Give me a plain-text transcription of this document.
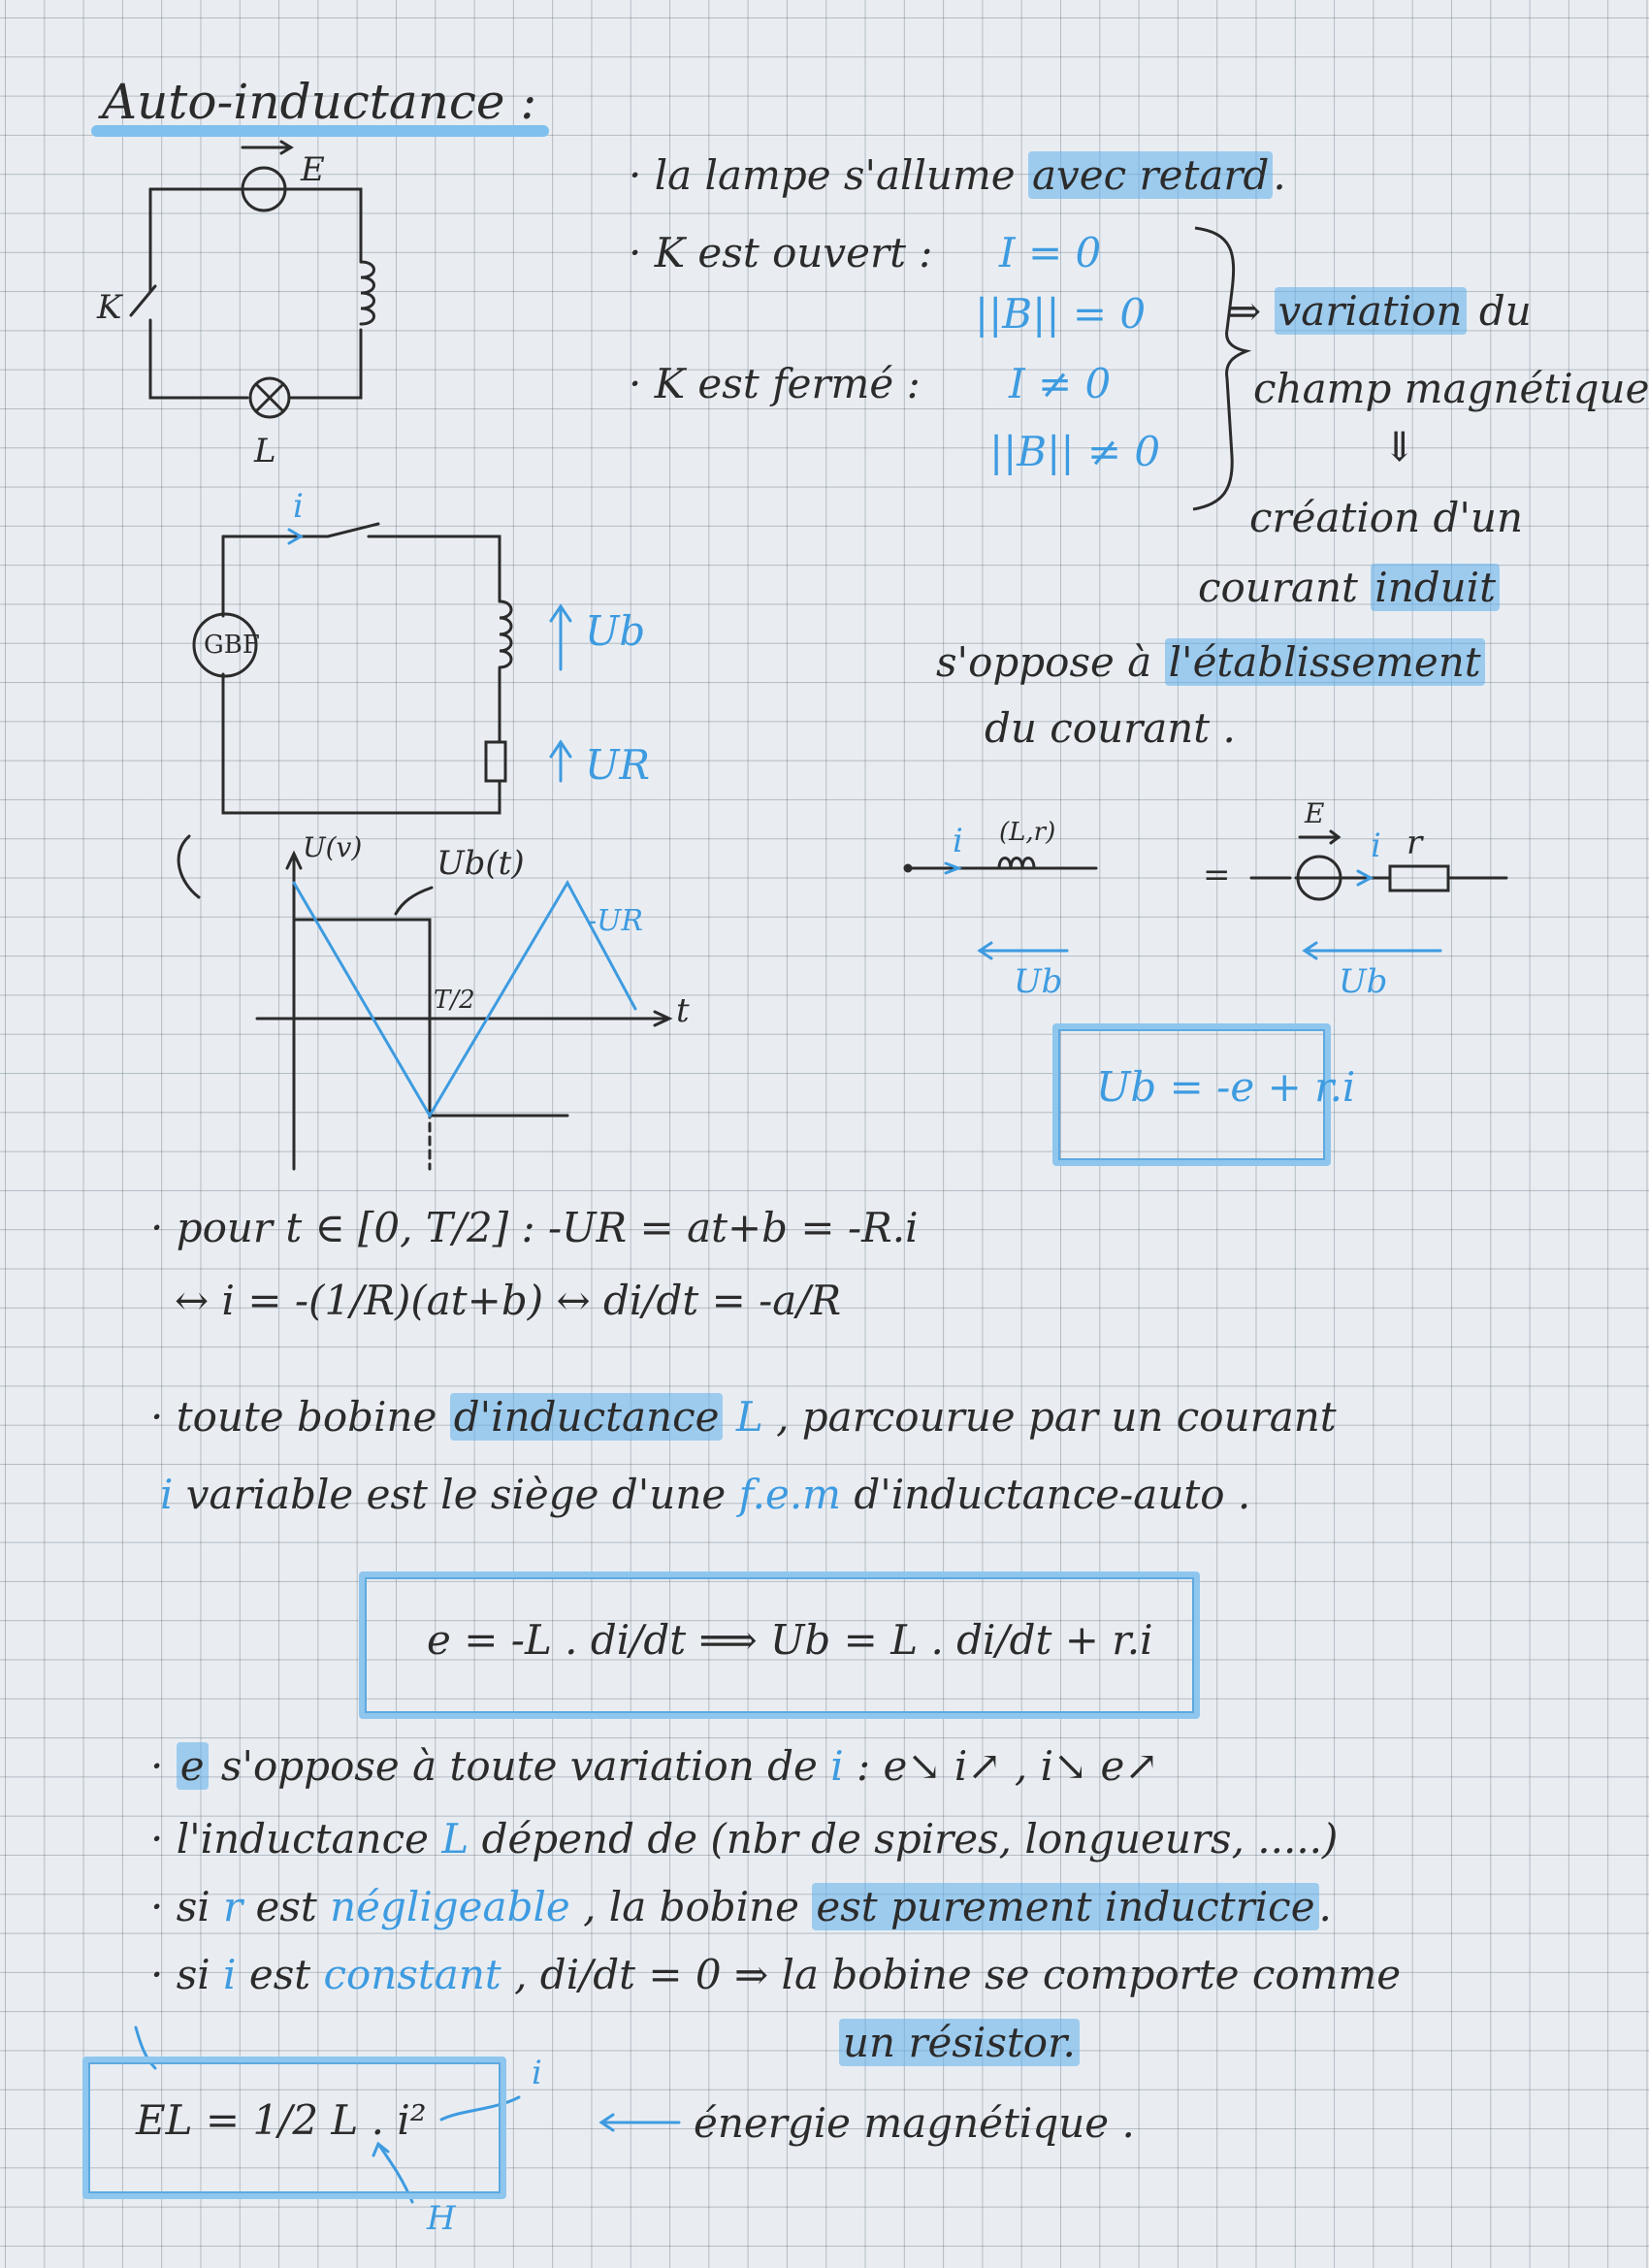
Auto-inductance :
E
K
L
· la lampe s'allume avec retard.
· K est ouvert : I = 0
||B|| = 0
· K est fermé : I ≠ 0
||B|| ≠ 0
⇒ variation du
champ magnétique
⇓
création d'un
courant induit
s'oppose à l'établissement
du courant .
i
GBF	Ub
UR
U(v) Ub(t)
-UR
T/2	t
(L,r)
i
Ub
=
E
i r
Ub
Ub = -e + r.i
· pour t ∈ [0, T/2] : -UR = at+b = -R.i
↔ i = -(1/R)(at+b) ↔ di/dt = -a/R
· toute bobine d'inductance L , parcourue par un courant
i variable est le siège d'une f.e.m d'inductance-auto .
e = -L . di/dt ⟹ Ub = L . di/dt + r.i
· e s'oppose à toute variation de i : e↘ i↗ , i↘ e↗
· l'inductance L dépend de (nbr de spires, longueurs, .....)
· si r est négligeable , la bobine est purement inductrice.
· si i est constant , di/dt = 0 ⇒ la bobine se comporte comme
un résistor.
EL = 1/2 L . i²
i
H
énergie magnétique .
